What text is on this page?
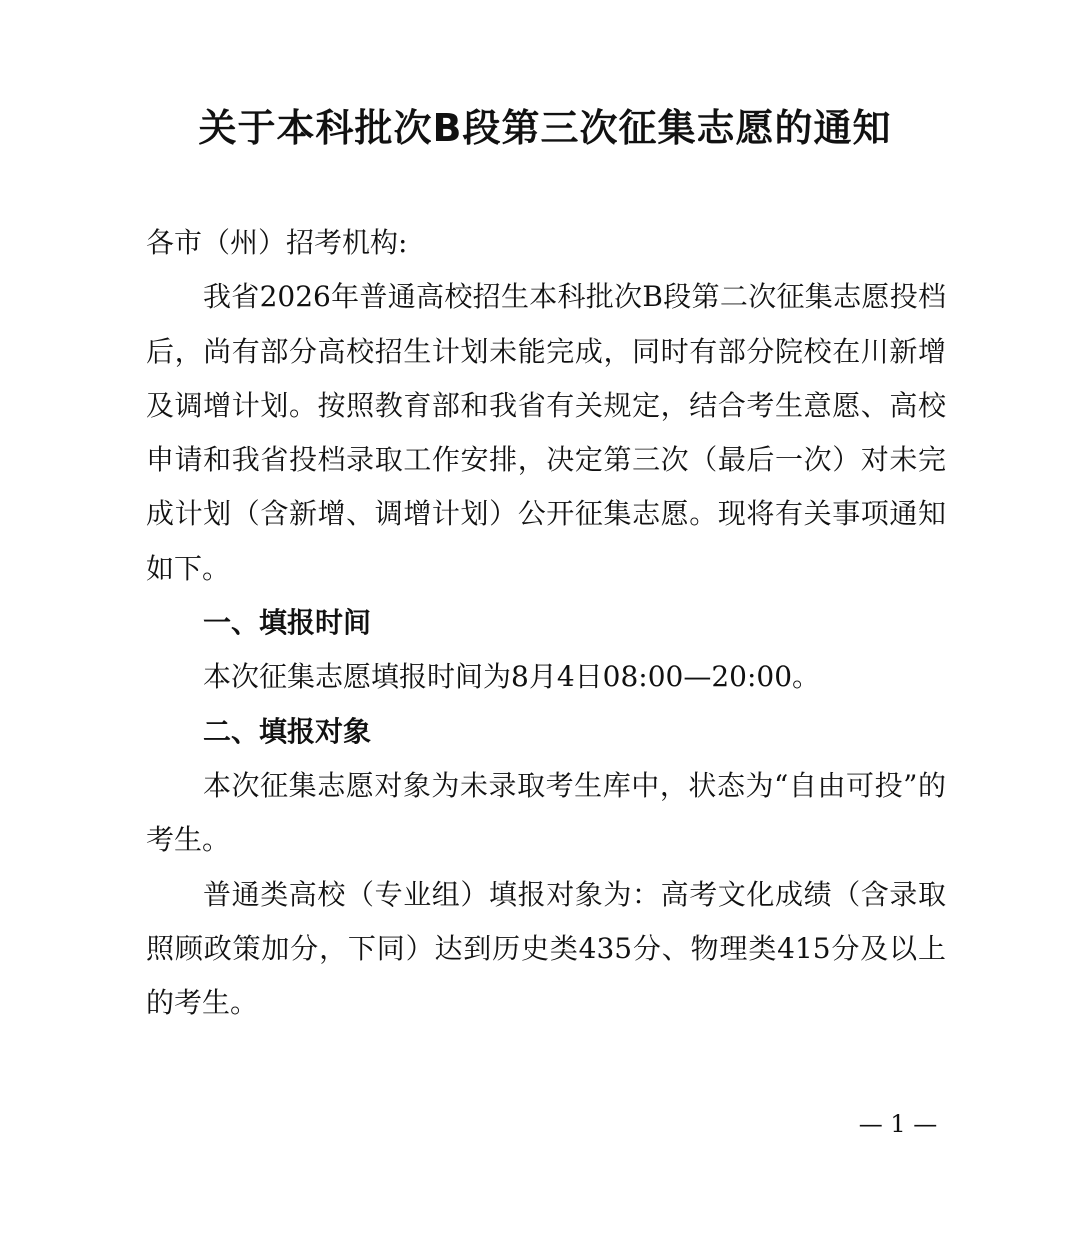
关于本科批次B段第三次征集志愿的通知

各市（州）招考机构:

我省2026年普通高校招生本科批次B段第二次征集志愿投档后，尚有部分高校招生计划未能完成，同时有部分院校在川新增及调增计划。按照教育部和我省有关规定，结合考生意愿、高校申请和我省投档录取工作安排，决定第三次（最后一次）对未完成计划（含新增、调增计划）公开征集志愿。现将有关事项通知如下。

一、填报时间

本次征集志愿填报时间为8月4日08:00—20:00。

二、填报对象

本次征集志愿对象为未录取考生库中，状态为“自由可投”的考生。

普通类高校（专业组）填报对象为：高考文化成绩（含录取照顾政策加分，下同）达到历史类435分、物理类415分及以上的考生。

— 1 —
